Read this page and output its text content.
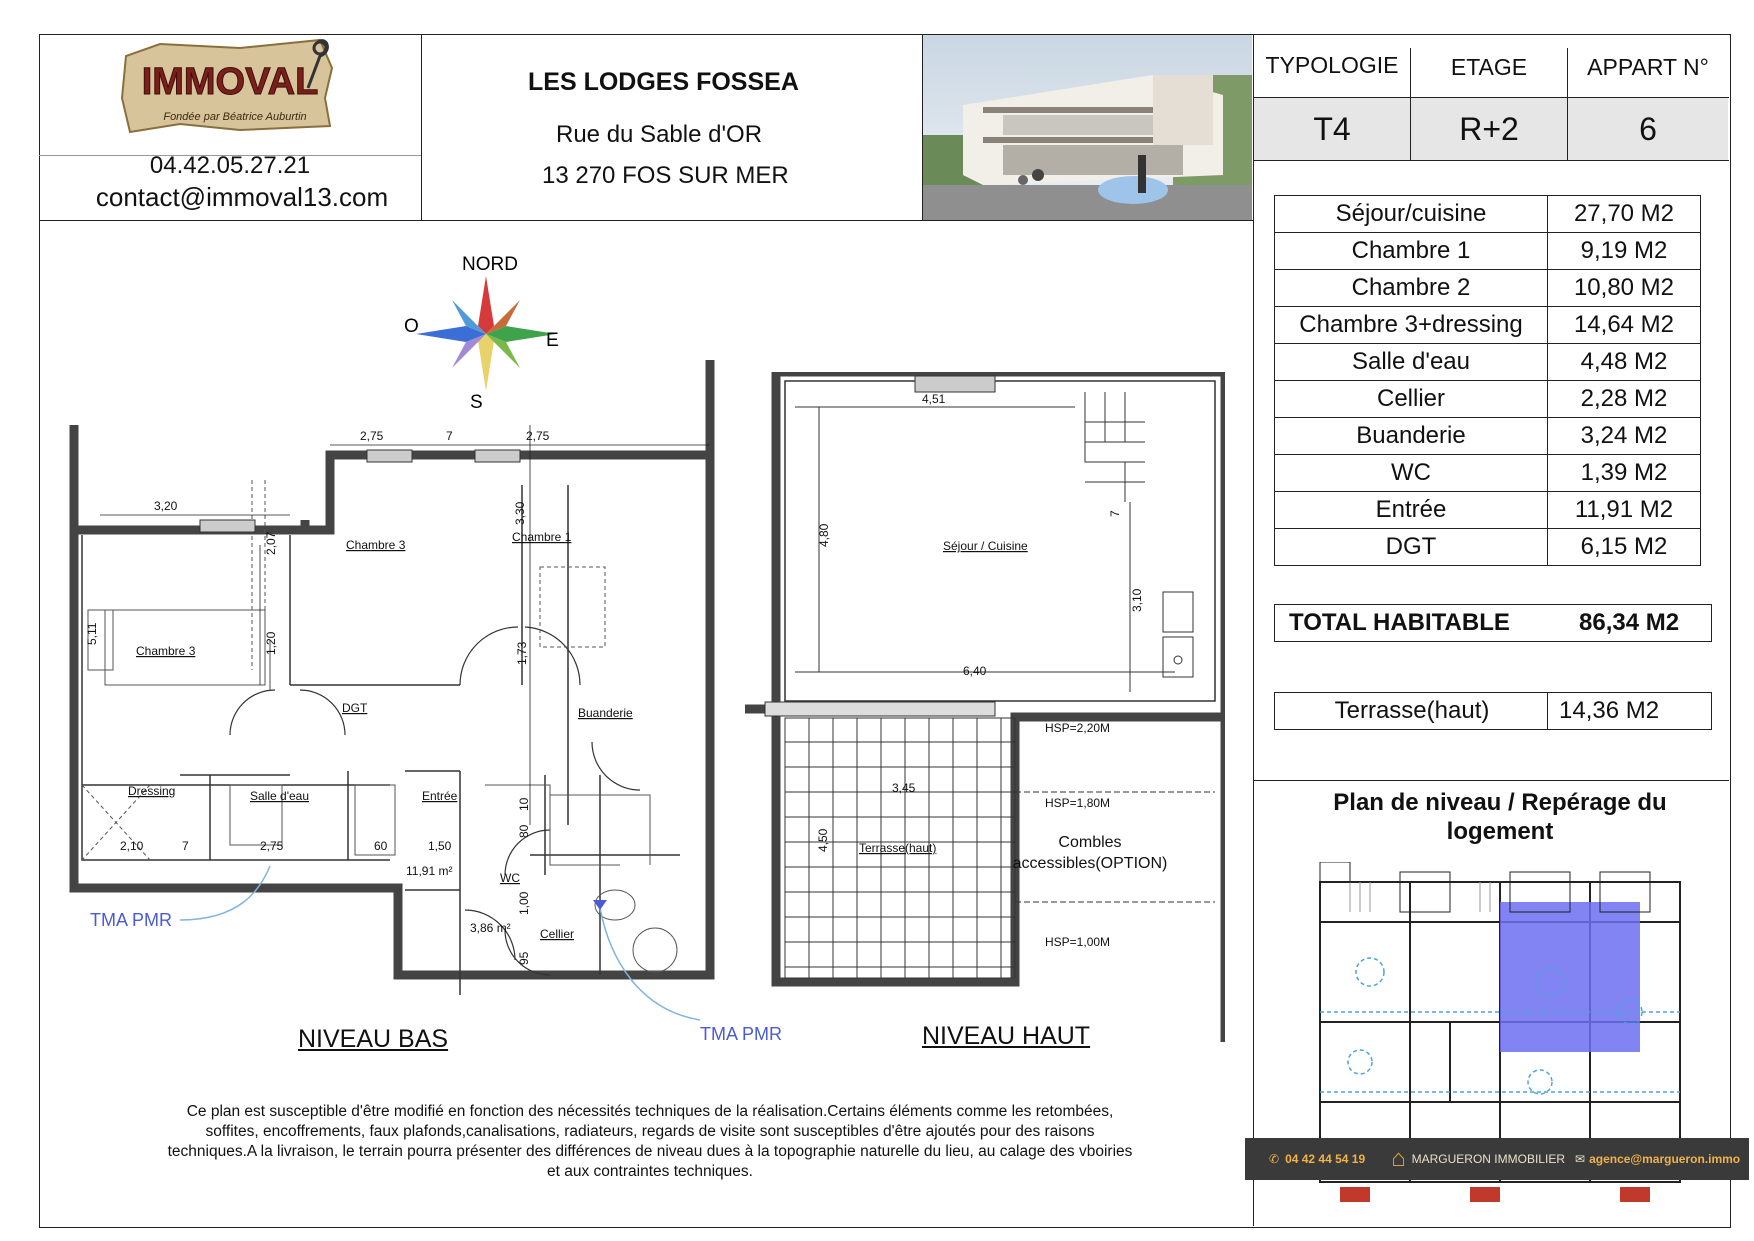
IMMOVAL
Fondée par Béatrice Auburtin
04.42.05.27.21
contact@immoval13.com
LES LODGES FOSSEA
Rue du Sable d'OR
13 270 FOS SUR MER
TYPOLOGIE	ETAGE	APPART N°
T4	R+2	6
Séjour/cuisine	27,70 M2
Chambre 1	9,19 M2
Chambre 2	10,80 M2
Chambre 3+dressing	14,64 M2
Salle d'eau	4,48 M2
Cellier	2,28 M2
Buanderie	3,24 M2
WC	1,39 M2
Entrée	11,91 M2
DGT	6,15 M2
TOTAL HABITABLE	86,34 M2
Terrasse(haut)	14,36 M2
Plan de niveau / Repérage du logement
✆ 04 42 44 54 19 ⌂ MARGUERON IMMOBILIER ✉ agence@margueron.immo
NORD
O
E
S
2,75	7	2,75
3,20	3,30
2,07
1,20
5,11
1,73
2,10	7	2,75	60	1,50
11,91 m²
3,86 m²
1,00
95
80
10
Chambre 3
Chambre 1
Chambre 3
DGT	Buanderie
Dressing	Salle d'eau	Entrée
WC
Cellier
TMA PMR
TMA PMR
4,51
4,80
3,10
6,40
3,45
4,50
7
HSP=2,20M
HSP=1,80M
Combles
accessibles(OPTION)
HSP=1,00M
Séjour / Cuisine
Terrasse(haut)
NIVEAU BAS	NIVEAU HAUT
Ce plan est susceptible d'être modifié en fonction des nécessités techniques de la réalisation.Certains éléments comme les retombées,
soffites, encoffrements, faux plafonds,canalisations, radiateurs, regards de visite sont susceptibles d'être ajoutés pour des raisons
techniques.A la livraison, le terrain pourra présenter des différences de niveau dues à la topographie naturelle du lieu, au calage des vboiries
et aux contraintes techniques.
